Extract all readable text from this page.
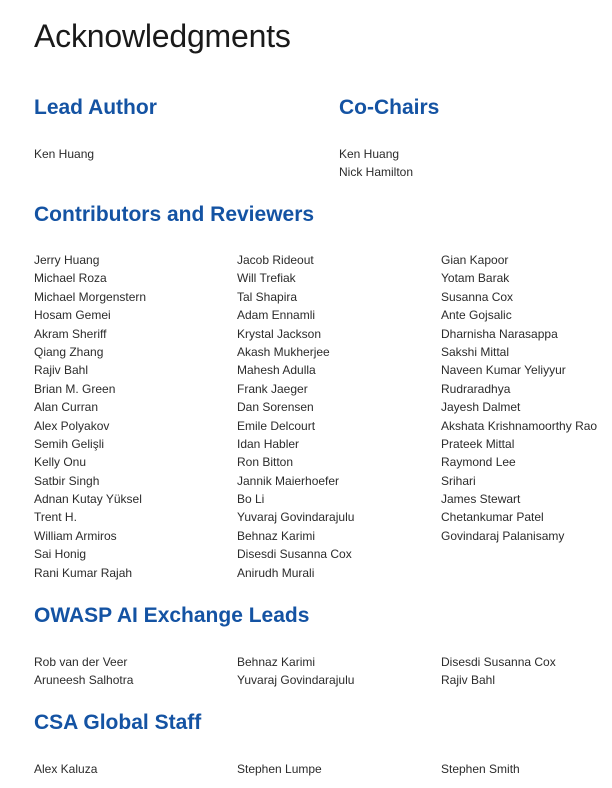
Acknowledgments
Lead Author
Ken Huang
Co-Chairs
Ken Huang
Nick Hamilton
Contributors and Reviewers
Jerry Huang
Michael Roza
Michael Morgenstern
Hosam Gemei
Akram Sheriff
Qiang Zhang
Rajiv Bahl
Brian M. Green
Alan Curran
Alex Polyakov
Semih Gelişli
Kelly Onu
Satbir Singh
Adnan Kutay Yüksel
Trent H.
William Armiros
Sai Honig
Rani Kumar Rajah
Jacob Rideout
Will Trefiak
Tal Shapira
Adam Ennamli
Krystal Jackson
Akash Mukherjee
Mahesh Adulla
Frank Jaeger
Dan Sorensen
Emile Delcourt
Idan Habler
Ron Bitton
Jannik Maierhoefer
Bo Li
Yuvaraj Govindarajulu
Behnaz Karimi
Disesdi Susanna Cox
Anirudh Murali
Gian Kapoor
Yotam Barak
Susanna Cox
Ante Gojsalic
Dharnisha Narasappa
Sakshi Mittal
Naveen Kumar Yeliyyur
Rudraradhya
Jayesh Dalmet
Akshata Krishnamoorthy Rao
Prateek Mittal
Raymond Lee
Srihari
James Stewart
Chetankumar Patel
Govindaraj Palanisamy
OWASP AI Exchange Leads
Rob van der Veer
Aruneesh Salhotra
Behnaz Karimi
Yuvaraj Govindarajulu
Disesdi Susanna Cox
Rajiv Bahl
CSA Global Staff
Alex Kaluza	Stephen Lumpe	Stephen Smith
